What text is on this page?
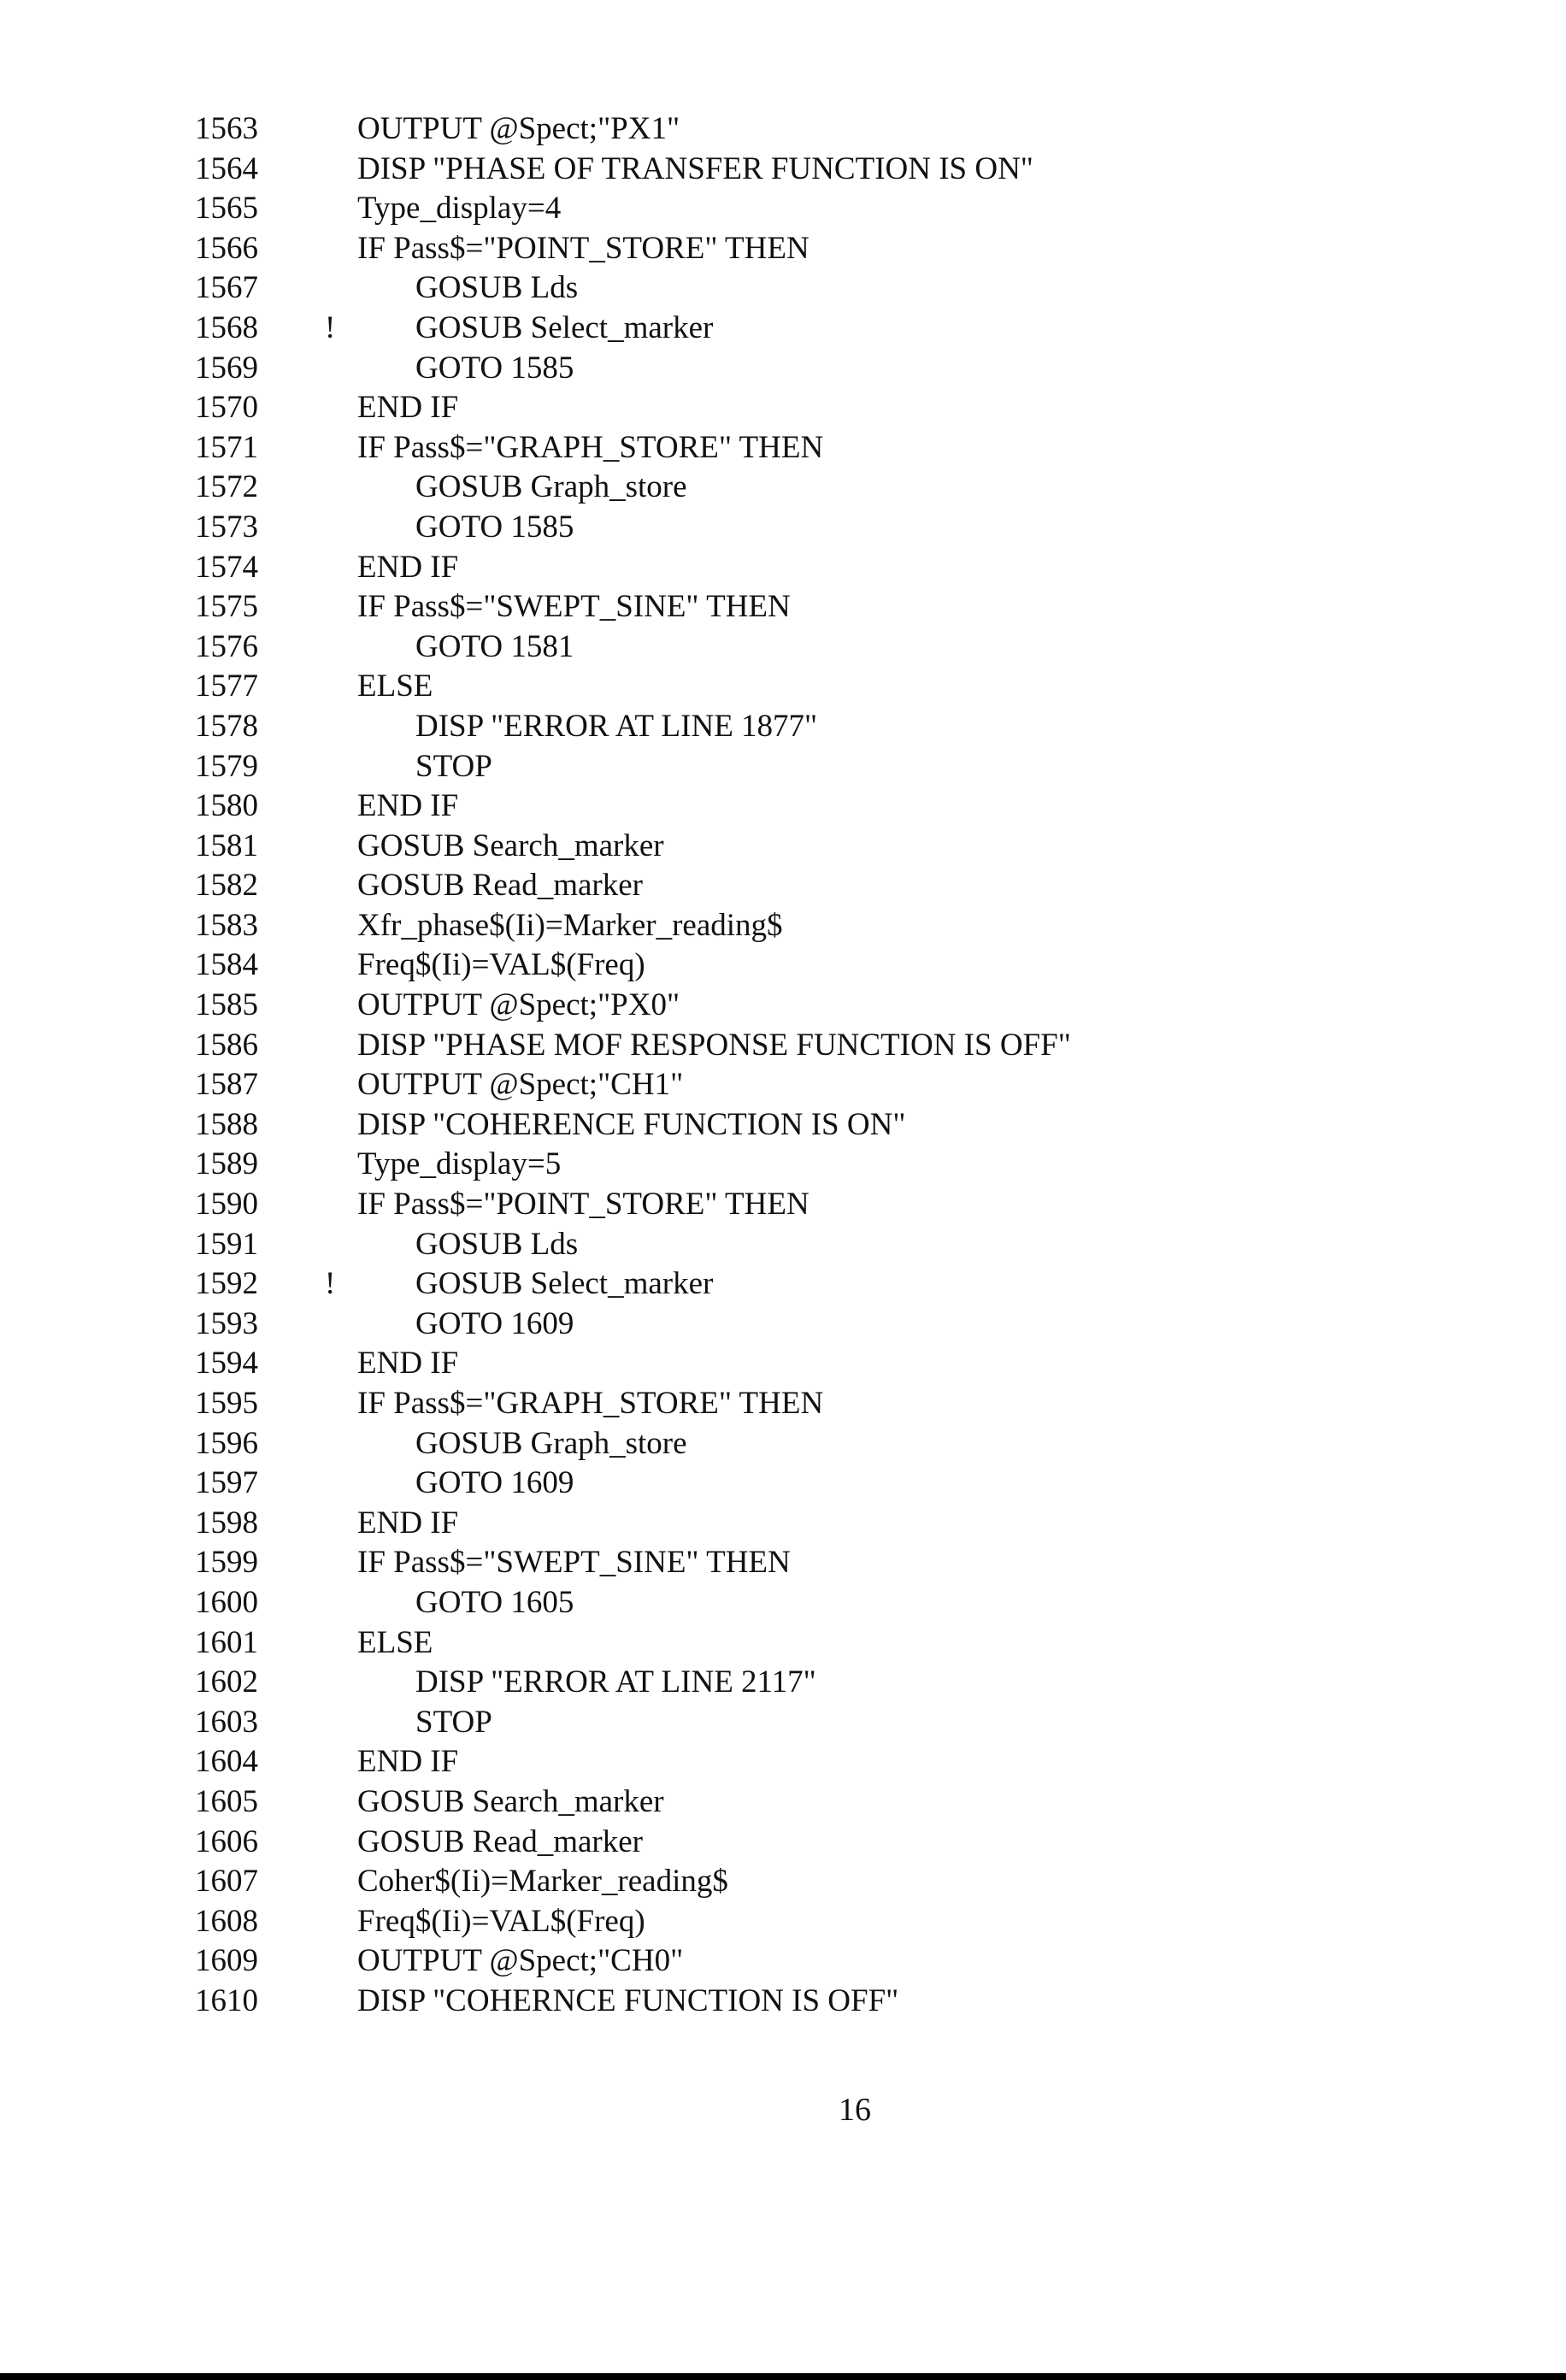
1563	OUTPUT @Spect;"PX1"
1564	DISP "PHASE OF TRANSFER FUNCTION IS ON"
1565	Type_display=4
1566	IF Pass$="POINT_STORE" THEN
1567	GOSUB Lds
1568 !	GOSUB Select_marker
1569	GOTO 1585
1570	END IF
1571	IF Pass$="GRAPH_STORE" THEN
1572	GOSUB Graph_store
1573	GOTO 1585
1574	END IF
1575	IF Pass$="SWEPT_SINE" THEN
1576	GOTO 1581
1577	ELSE
1578	DISP "ERROR AT LINE 1877"
1579	STOP
1580	END IF
1581	GOSUB Search_marker
1582	GOSUB Read_marker
1583	Xfr_phase$(Ii)=Marker_reading$
1584	Freq$(Ii)=VAL$(Freq)
1585	OUTPUT @Spect;"PX0"
1586	DISP "PHASE MOF RESPONSE FUNCTION IS OFF"
1587	OUTPUT @Spect;"CH1"
1588	DISP "COHERENCE FUNCTION IS ON"
1589	Type_display=5
1590	IF Pass$="POINT_STORE" THEN
1591	GOSUB Lds
1592 !	GOSUB Select_marker
1593	GOTO 1609
1594	END IF
1595	IF Pass$="GRAPH_STORE" THEN
1596	GOSUB Graph_store
1597	GOTO 1609
1598	END IF
1599	IF Pass$="SWEPT_SINE" THEN
1600	GOTO 1605
1601	ELSE
1602	DISP "ERROR AT LINE 2117"
1603	STOP
1604	END IF
1605	GOSUB Search_marker
1606	GOSUB Read_marker
1607	Coher$(Ii)=Marker_reading$
1608	Freq$(Ii)=VAL$(Freq)
1609	OUTPUT @Spect;"CH0"
1610	DISP "COHERNCE FUNCTION IS OFF"
16
